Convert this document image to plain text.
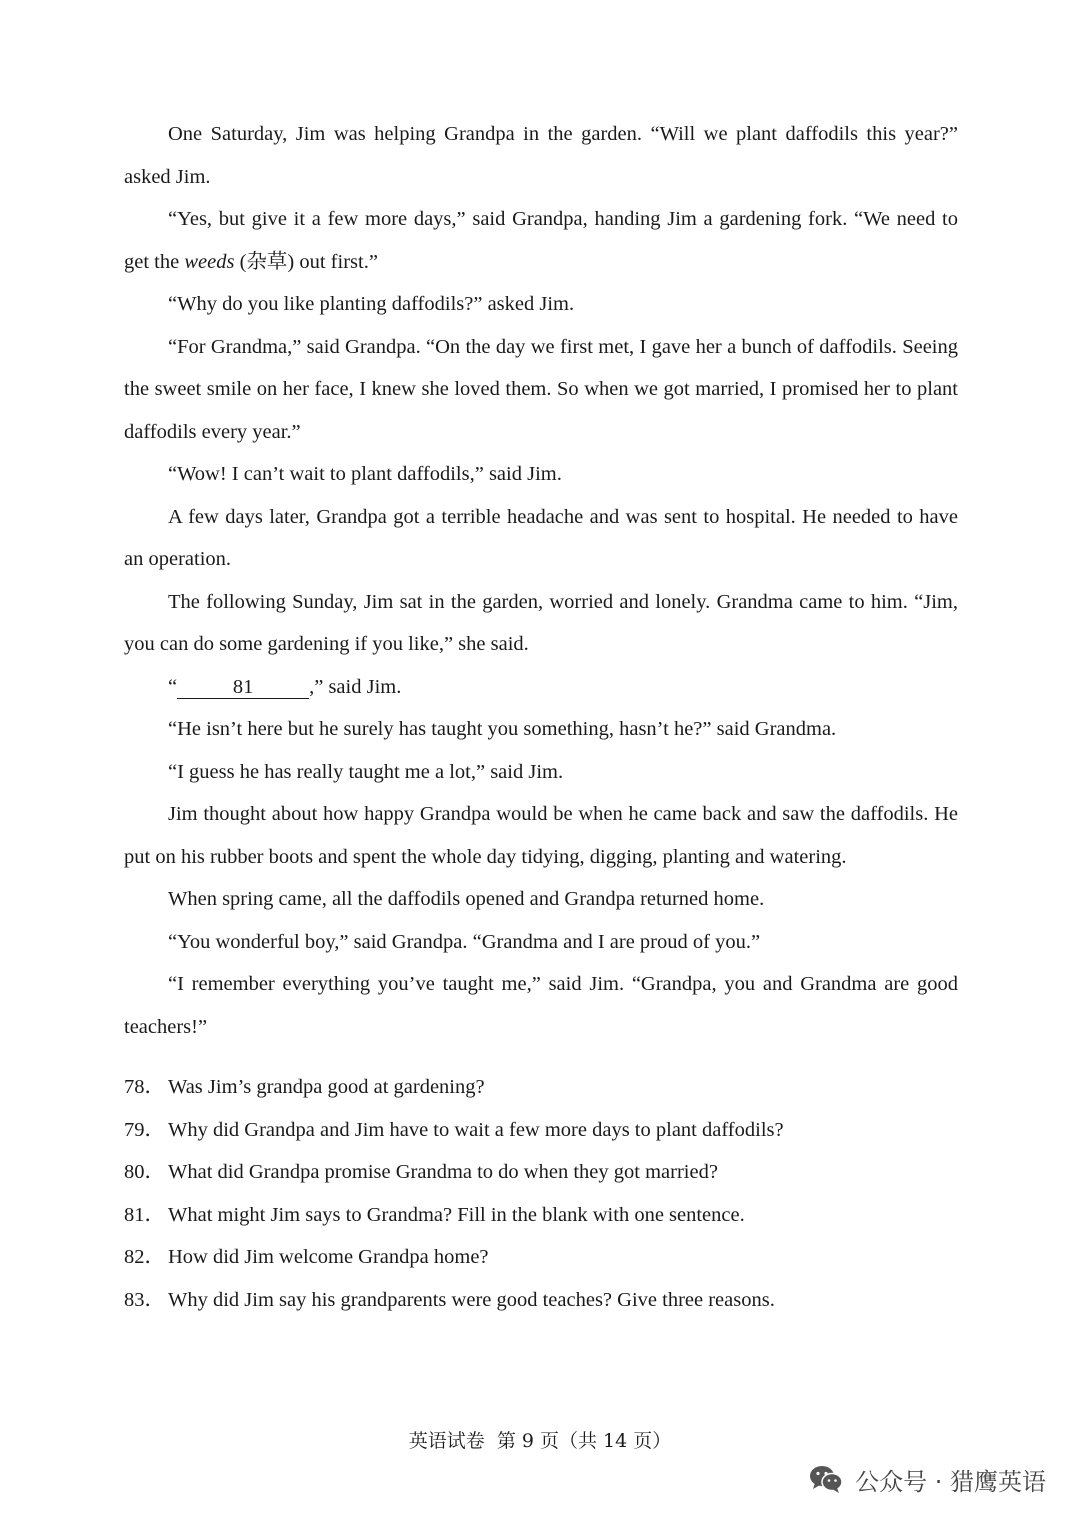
One Saturday, Jim was helping Grandpa in the garden. “Will we plant daffodils this year?” asked Jim.

“Yes, but give it a few more days,” said Grandpa, handing Jim a gardening fork. “We need to get the weeds (杂草) out first.”

“Why do you like planting daffodils?” asked Jim.

“For Grandma,” said Grandpa. “On the day we first met, I gave her a bunch of daffodils. Seeing the sweet smile on her face, I knew she loved them. So when we got married, I promised her to plant daffodils every year.”

“Wow! I can’t wait to plant daffodils,” said Jim.

A few days later, Grandpa got a terrible headache and was sent to hospital. He needed to have an operation.

The following Sunday, Jim sat in the garden, worried and lonely. Grandma came to him. “Jim, you can do some gardening if you like,” she said.

“	81	,” said Jim.

“He isn’t here but he surely has taught you something, hasn’t he?” said Grandma.

“I guess he has really taught me a lot,” said Jim.

Jim thought about how happy Grandpa would be when he came back and saw the daffodils. He put on his rubber boots and spent the whole day tidying, digging, planting and watering.

When spring came, all the daffodils opened and Grandpa returned home.

“You wonderful boy,” said Grandpa. “Grandma and I are proud of you.”

“I remember everything you’ve taught me,” said Jim. “Grandpa, you and Grandma are good teachers!”

78． Was Jim’s grandpa good at gardening?

79． Why did Grandpa and Jim have to wait a few more days to plant daffodils?

80． What did Grandpa promise Grandma to do when they got married?

81． What might Jim says to Grandma? Fill in the blank with one sentence.

82． How did Jim welcome Grandpa home?

83． Why did Jim say his grandparents were good teaches? Give three reasons.

英语试卷  第 9 页（共 14 页）
公众号 · 猎鹰英语
